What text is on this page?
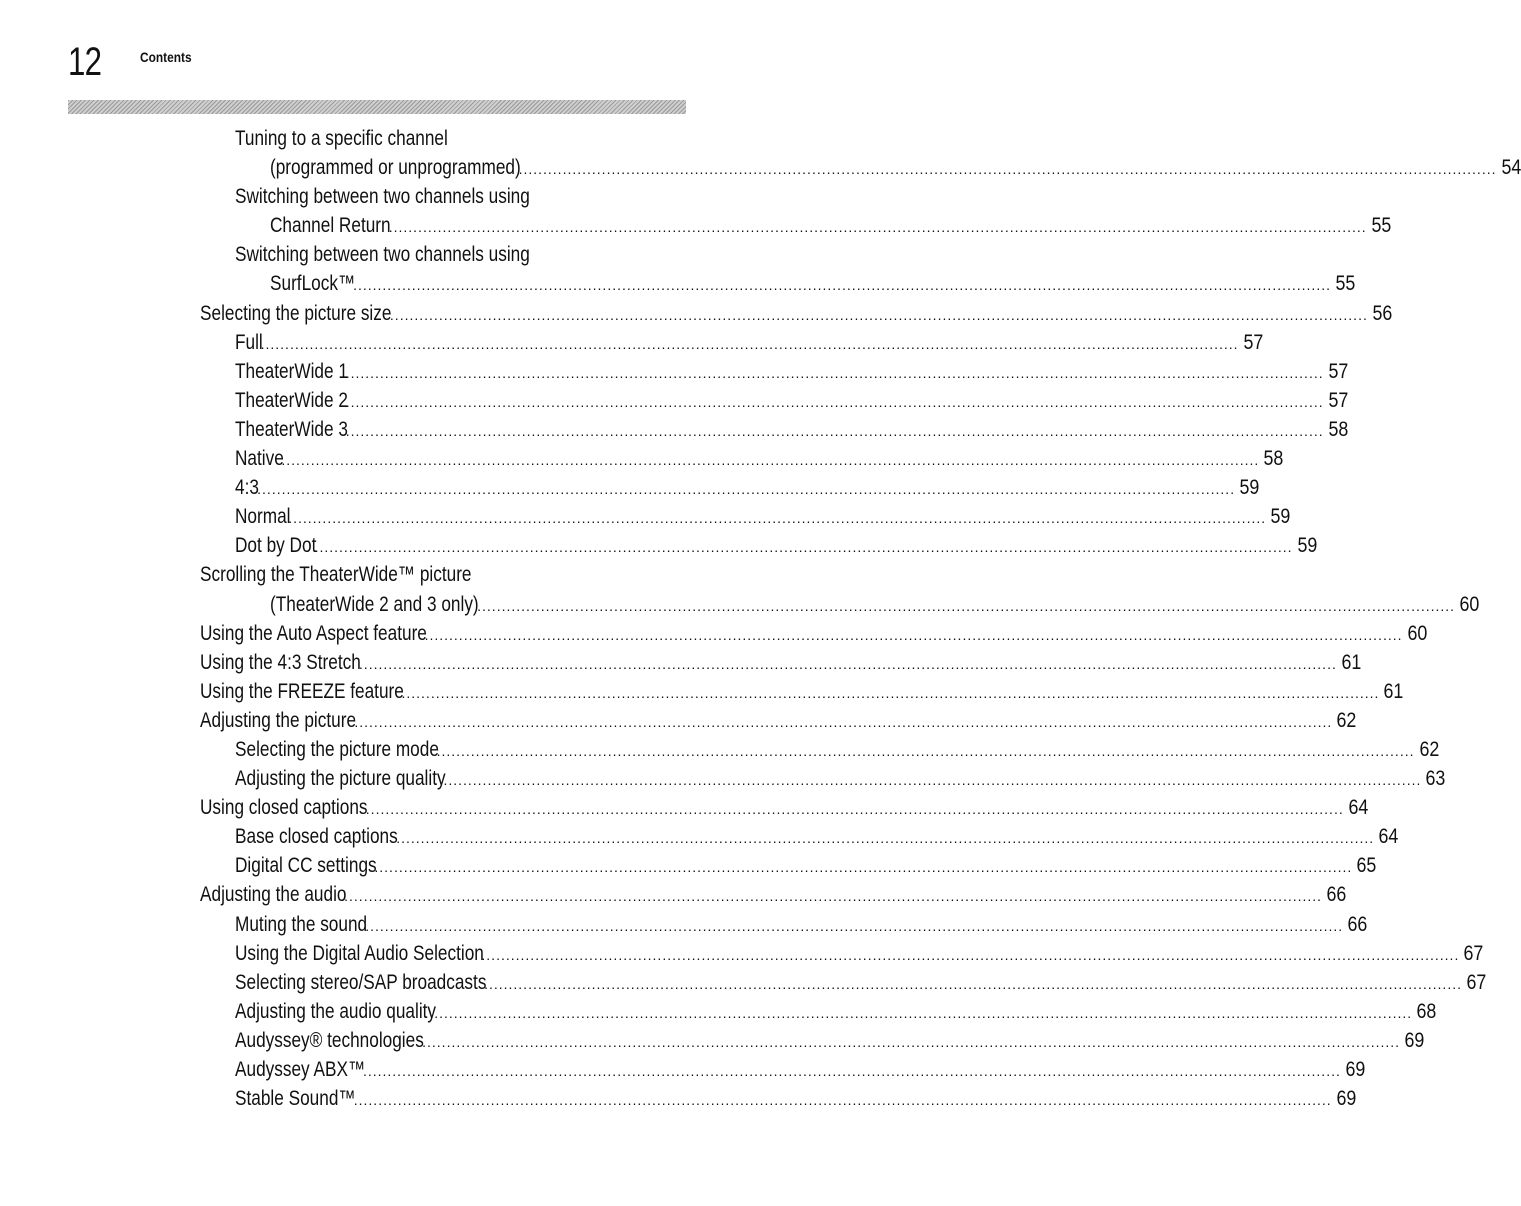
12	Contents
Tuning to a specific channel
(programmed or unprogrammed)
........................................................................................................................................................................................................ 54
Switching between two channels using
Channel Return
........................................................................................................................................................................................................ 55
Switching between two channels using
SurfLock™
........................................................................................................................................................................................................ 55
Selecting the picture size
........................................................................................................................................................................................................ 56
Full
........................................................................................................................................................................................................ 57
TheaterWide 1
........................................................................................................................................................................................................ 57
TheaterWide 2
........................................................................................................................................................................................................ 57
TheaterWide 3
........................................................................................................................................................................................................ 58
Native
........................................................................................................................................................................................................ 58
4:3
........................................................................................................................................................................................................ 59
Normal
........................................................................................................................................................................................................ 59
Dot by Dot
........................................................................................................................................................................................................ 59
Scrolling the TheaterWide™ picture
(TheaterWide 2 and 3 only)
........................................................................................................................................................................................................ 60
Using the Auto Aspect feature
........................................................................................................................................................................................................ 60
Using the 4:3 Stretch
........................................................................................................................................................................................................ 61
Using the FREEZE feature
........................................................................................................................................................................................................ 61
Adjusting the picture
........................................................................................................................................................................................................ 62
Selecting the picture mode
........................................................................................................................................................................................................ 62
Adjusting the picture quality
........................................................................................................................................................................................................ 63
Using closed captions
........................................................................................................................................................................................................ 64
Base closed captions
........................................................................................................................................................................................................ 64
Digital CC settings
........................................................................................................................................................................................................ 65
Adjusting the audio
........................................................................................................................................................................................................ 66
Muting the sound
........................................................................................................................................................................................................ 66
Using the Digital Audio Selection
........................................................................................................................................................................................................ 67
Selecting stereo/SAP broadcasts
........................................................................................................................................................................................................ 67
Adjusting the audio quality
........................................................................................................................................................................................................ 68
Audyssey® technologies
........................................................................................................................................................................................................ 69
Audyssey ABX™
........................................................................................................................................................................................................ 69
Stable Sound™
........................................................................................................................................................................................................ 69
